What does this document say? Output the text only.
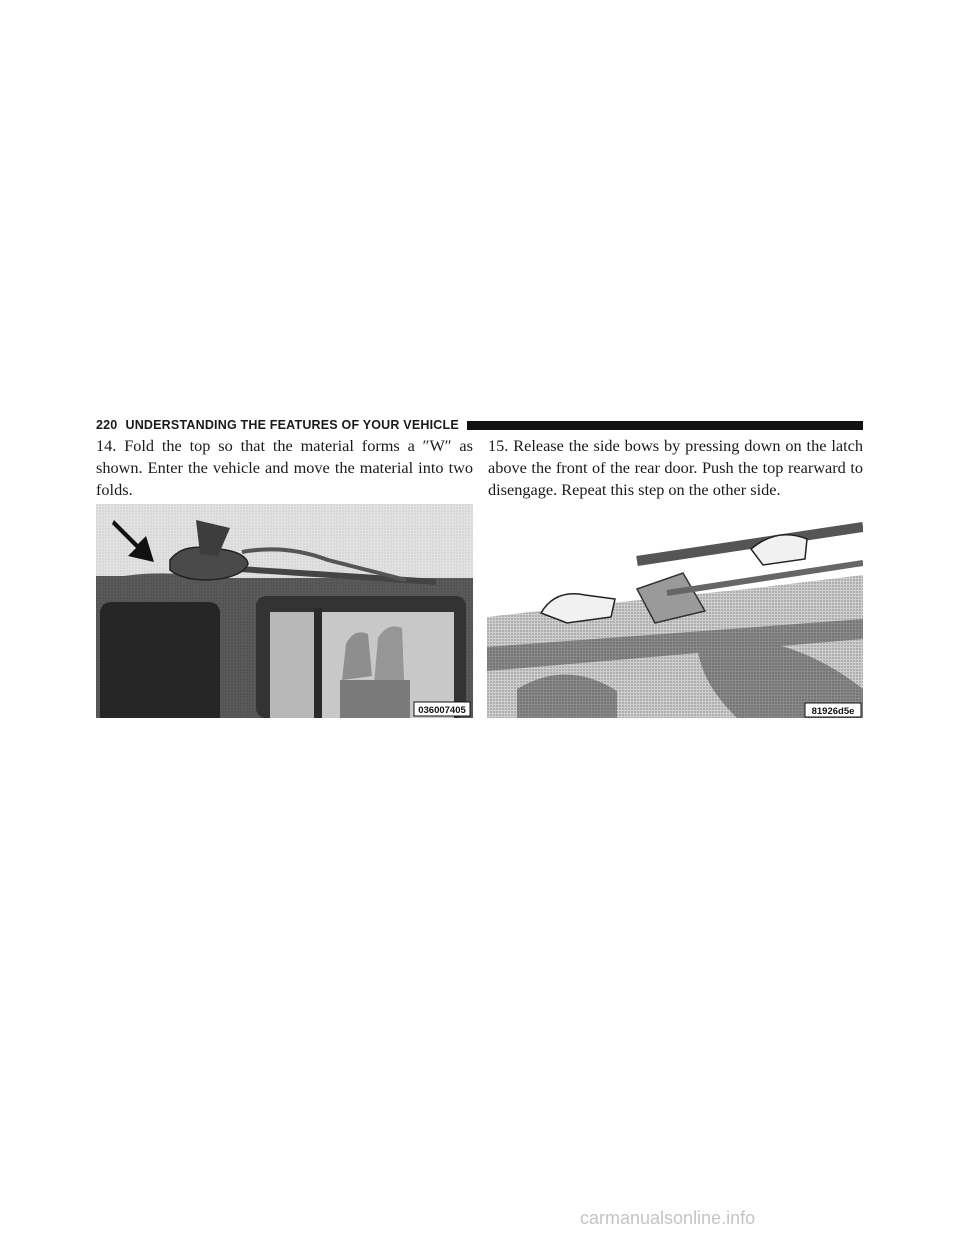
220 UNDERSTANDING THE FEATURES OF YOUR VEHICLE

14. Fold the top so that the material forms a ″W″ as shown. Enter the vehicle and move the material into two folds.

15. Release the side bows by pressing down on the latch above the front of the rear door. Push the top rearward to disengage. Repeat this step on the other side.

036007405	81926d5e
carmanualsonline.info
